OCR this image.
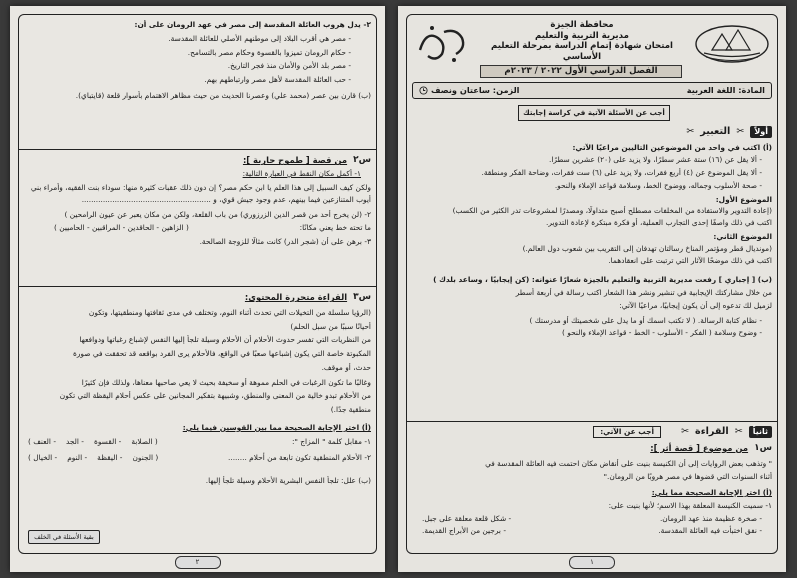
٢- يدل هروب العائلة المقدسة إلى مصر في عهد الرومان على أن:
- مصر هي أقرب البلاد إلى موطنهم الأصلي للعائلة المقدسة.
- حكام الرومان تميزوا بالقسوة وحكام مصر بالتسامح.
- مصر بلد الأمن والأمان منذ فجر التاريخ.
- حب العائلة المقدسة لأهل مصر وارتباطهم بهم.
(ب) قارن بين عصر (محمد علي) وعصرنا الحديث من حيث مظاهر الاهتمام بأسوار قلعة (قايتباي).
س٢
من قصة [ طموح جارية ]:
١- أكمل مكان النقط في العبارة التالية:
ولكن كيف السبيل إلى هذا العلم يا ابن حكم مصر؟ إن دون ذلك عقبات كثيرة منها: سوداء بنت الفقيه، وأمراء بني
أيوب المتنازعين فيما بينهم، عدم وجود جيش قوي، و .......................................................
٢- (لن يخرج أحد من قصر الدين الزرزوري) من باب القلعة، ولكن من مكان يعبر عن عيون الرامحين )
ما تحته خط يعني مكانًا:
( الزاهين - الحاقدين - المراقبين - الحاميين )
٣- برهن على أن (شجر الدر) كانت مثالًا للزوجة الصالحة.
س٣
القراءة متحررة المحتوى:
(الرؤيا سلسلة من التخيلات التي تحدث أثناء النوم، وتختلف في مدى ثقافتها ومنطقيتها، وتكون
أحيانًا سببًا من سبل الحلم)
من النظريات التي تفسر حدوث الأحلام أن الأحلام وسيلة تلجأ إليها النفس لإشباع رغباتها ودوافعها
المكبوتة خاصة التي يكون إشباعها صعبًا في الواقع، فالأحلام يرى الفرد بواقعه قد تحققت في صورة
حدث، أو موقف.
وغالبًا ما تكون الرغبات في الحلم مموهة أو سخيفة بحيث لا يعي صاحبها معناها، ولذلك فإن كثيرًا
من الأحلام تبدو خالية من المعنى والمنطق، وشبيهة بتفكير المجانين على عكس أحلام اليقظة التي تكون
منطقية جدًا.)
(أ) اختر الإجابة الصحيحة مما بين القوسين فيما يلي:
١- مقابل كلمة " المزاج ":
( الصلابة
- القسوة
- الجد
- العنف )
٢- الأحلام المنطقية تكون تابعة من أحلام ........
( الجنون
- اليقظة
- النوم
- الخيال )
(ب) علل: تلجأ النفس البشرية الأحلام وسيلة تلجأ إليها.
بقية الأسئلة في الخلف
٢
محافظة الجيزة
مديرية التربية والتعليم
امتحان شهادة إتمام الدراسة بمرحلة التعليم الأساسي
الفصل الدراسي الأول ٢٠٢٢ / ٢٠٢٣م
المادة: اللغة العربية
الزمن: ساعتان ونصف
أجب عن الأسئلة الآتية في كراسة إجابتك
أولاً
✂
التعبير
✂
(أ) اكتب في واحد من الموضوعين التاليين مراعيًا الآتي:
- ألا يقل عن (١٦) ستة عشر سطرًا، ولا يزيد على (٢٠) عشرين سطرًا.
- ألا يقل الموضوع عن (٤) أربع فقرات، ولا يزيد على (٦) ست فقرات، وضاحة الفكر ومنطقة.
- صحة الأسلوب وجماله، ووضوح الخط، وسلامة قواعد الإملاء والنحو.
الموضوع الأول:
(إعادة التدوير والاستفادة من المخلفات مصطلح أصبح متداولًا، ومصدرًا لمشروعات تدر الكثير من الكسب)
اكتب في ذلك واصفًا إحدى التجارب العملية، أو فكرة مبتكرة لإعادة التدوير.
الموضوع الثاني:
(مونديال قطر ومؤتمر المناخ رسالتان تهدفان إلى التقريب بين شعوب دول العالم.)
اكتب في ذلك موضحًا الآثار التي ترتبت على انعقادهما.
(ب) [ إجباري ] رفعت مديرية التربية والتعليم بالجيزة شعارًا عنوانه: (كن إيجابيًا ، وساعد بلدك )
من خلال مشاركتك الإيجابية في تنشير ونشر هذا الشعار اكتب رسالة في أربعة أسطر
لزميل لك تدعوه إلى أن يكون إيجابيًا، مراعيًا الآتي:
- نظام كتابة الرسالة. ( لا تكتب اسمك أو ما يدل على شخصيتك أو مدرستك )
- وضوح وسلامة ( الفكر - الأسلوب - الخط - قواعد الإملاء والنحو )
ثانياً
✂
القراءة
✂
أجب عن الآتي:
س١
من موضوع [ قصة أثر ]:
" وتذهب بعض الروايات إلى أن الكنيسة بنيت على أنقاض مكان احتمت فيه العائلة المقدسة في
أثناء السنوات التي قضوها في مصر هروبًا من الرومان."
(أ) اختر الإجابة الصحيحة مما يلي:
١- سميت الكنيسة المعلقة بهذا الاسم؛ لأنها بنيت على:
- صخرة عظيمة منذ عهد الرومان.
- شكل قلعة معلقة على جبل.
- نفق اختبأت فيه العائلة المقدسة.
- برجين من الأبراج القديمة.
١
